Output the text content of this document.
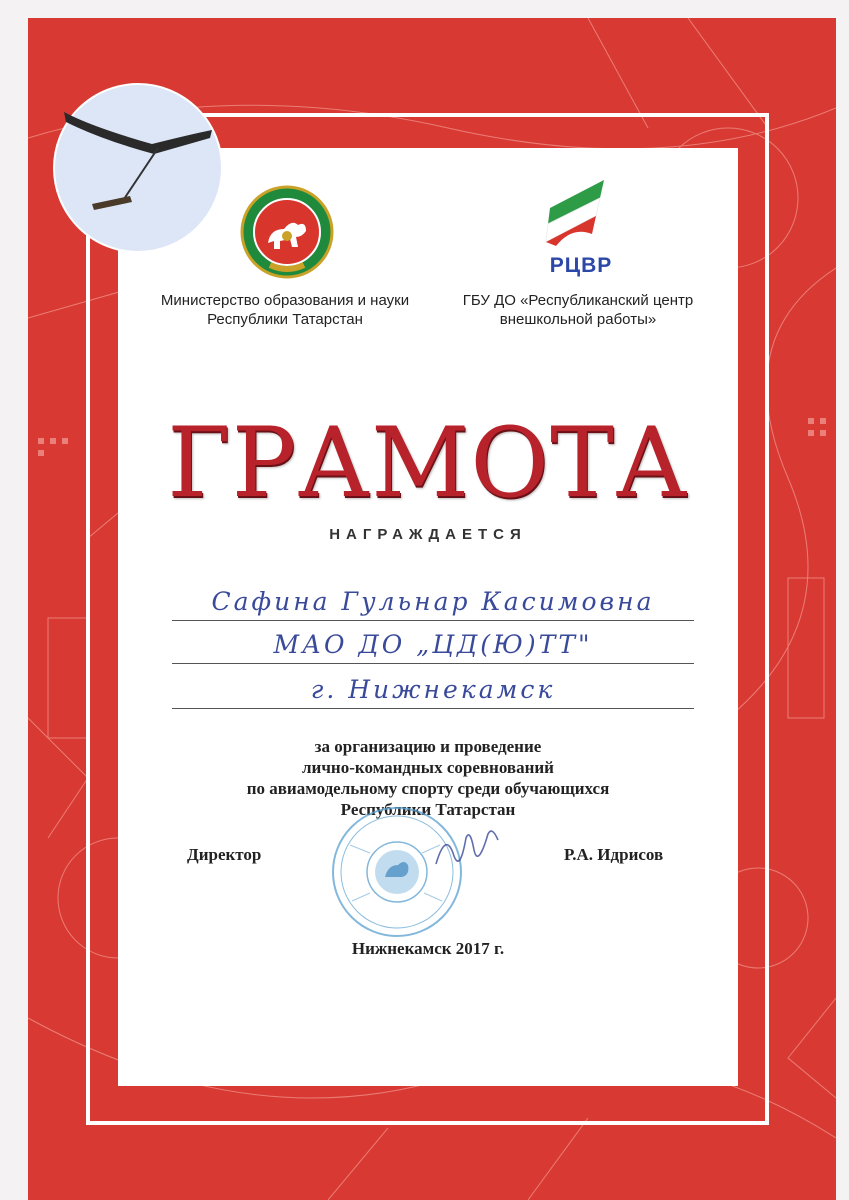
РЦВР
Министерство образования и науки
Республики Татарстан
ГБУ ДО «Республиканский центр
внешкольной работы»
ГРАМОТА
НАГРАЖДАЕТСЯ
Сафина Гульнар Касимовна
МАО ДО „ЦД(Ю)ТТ"
г. Нижнекамск
за организацию и проведение
лично-командных соревнований
по авиамодельному спорту среди обучающихся
Республики Татарстан
Директор	Р.А. Идрисов
Нижнекамск 2017 г.
